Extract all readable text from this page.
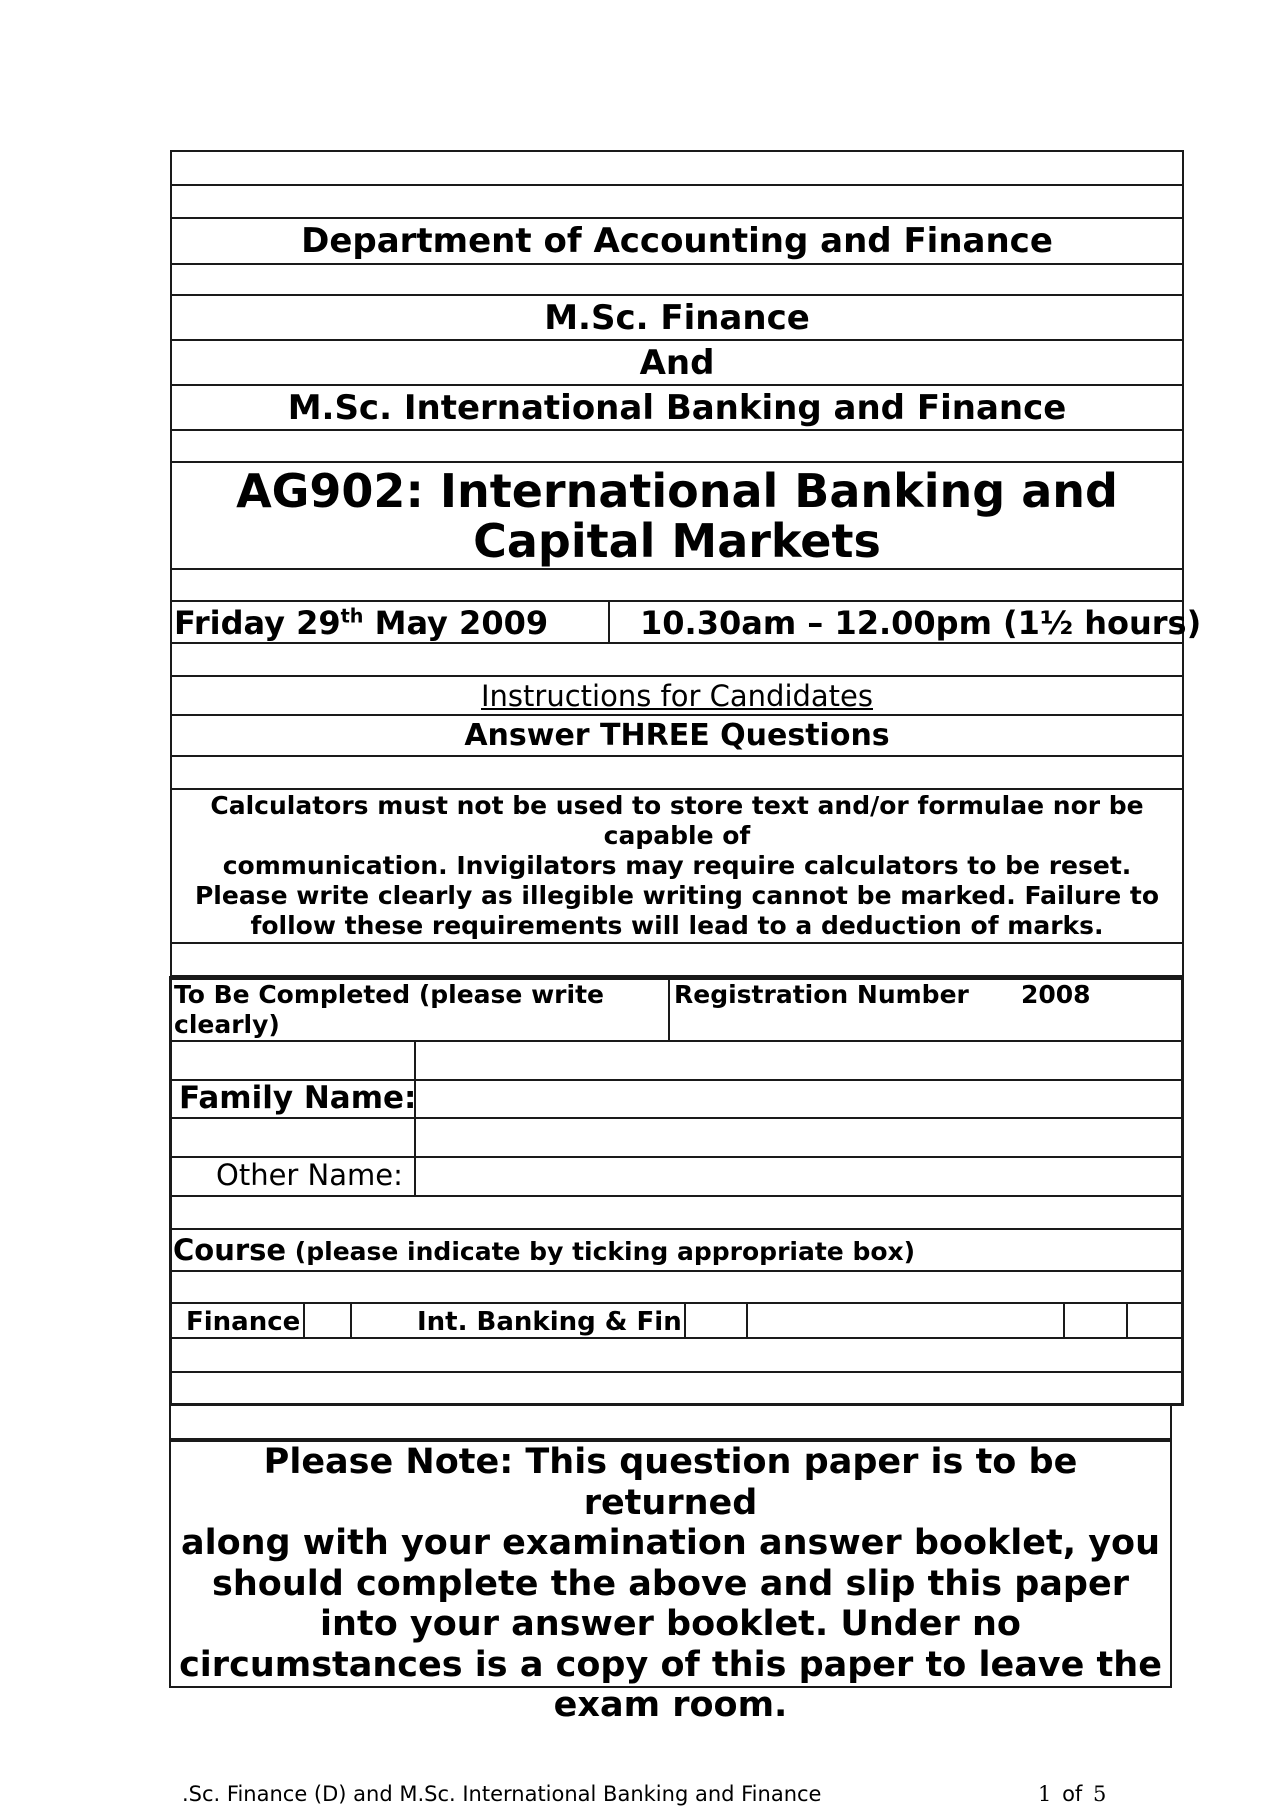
Department of Accounting and Finance
M.Sc. Finance
And
M.Sc. International Banking and Finance
AG902: International Banking and
Capital Markets
Friday 29th May 2009	10.30am – 12.00pm (1½ hours)
Instructions for Candidates
Answer THREE Questions
Calculators must not be used to store text and/or formulae nor be
capable of
communication. Invigilators may require calculators to be reset.
Please write clearly as illegible writing cannot be marked. Failure to
follow these requirements will lead to a deduction of marks.
To Be Completed (please write
clearly)
Registration Number 2008
Family Name:
Other Name:
Course (please indicate by ticking appropriate box)
Finance	Int. Banking & Fin
Please Note: This question paper is to be returned
along with your examination answer booklet, you
should complete the above and slip this paper
into your answer booklet. Under no
circumstances is a copy of this paper to leave the
exam room.
.Sc. Finance (D) and M.Sc. International Banking and Finance	1 of 5
